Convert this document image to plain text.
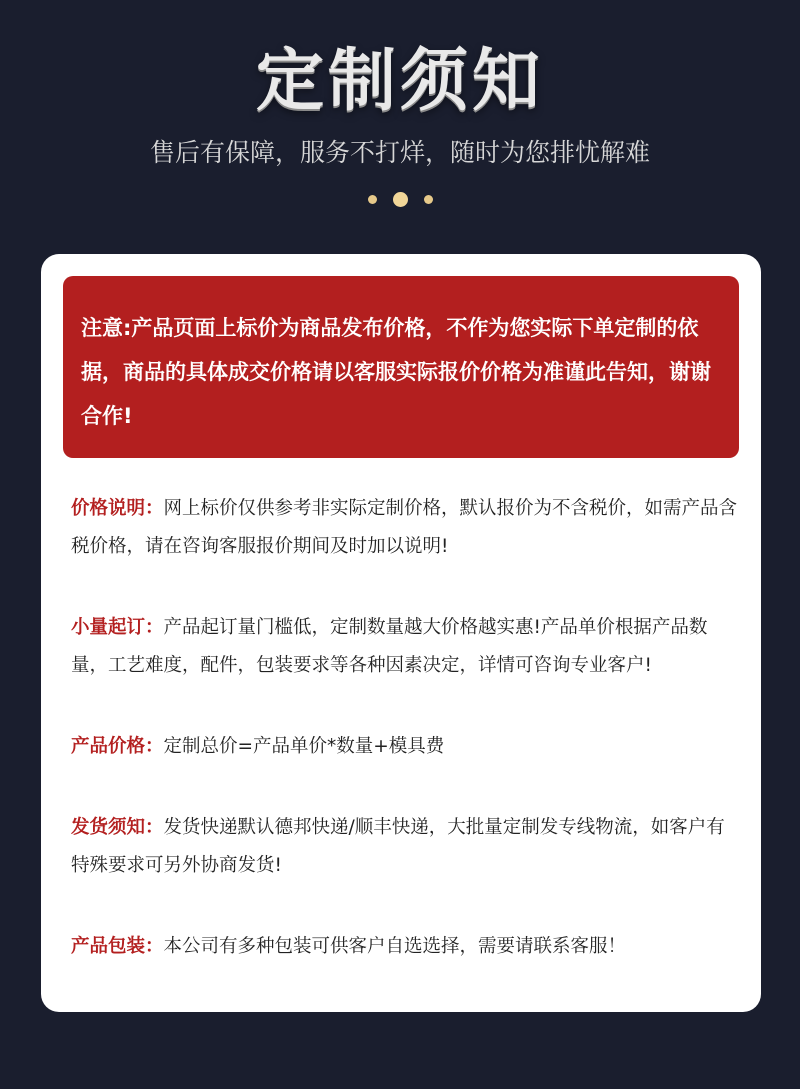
定制须知
售后有保障，服务不打烊，随时为您排忧解难
注意:产品页面上标价为商品发布价格，不作为您实际下单定制的依据，商品的具体成交价格请以客服实际报价价格为准谨此告知，谢谢合作!
价格说明：网上标价仅供参考非实际定制价格，默认报价为不含税价，如需产品含税价格，请在咨询客服报价期间及时加以说明!
小量起订：产品起订量门槛低，定制数量越大价格越实惠!产品单价根据产品数量，工艺难度，配件，包装要求等各种因素决定，详情可咨询专业客户!
产品价格：定制总价=产品单价*数量+模具费
发货须知：发货快递默认德邦快递/顺丰快递，大批量定制发专线物流，如客户有特殊要求可另外协商发货!
产品包装：本公司有多种包装可供客户自选选择，需要请联系客服！
